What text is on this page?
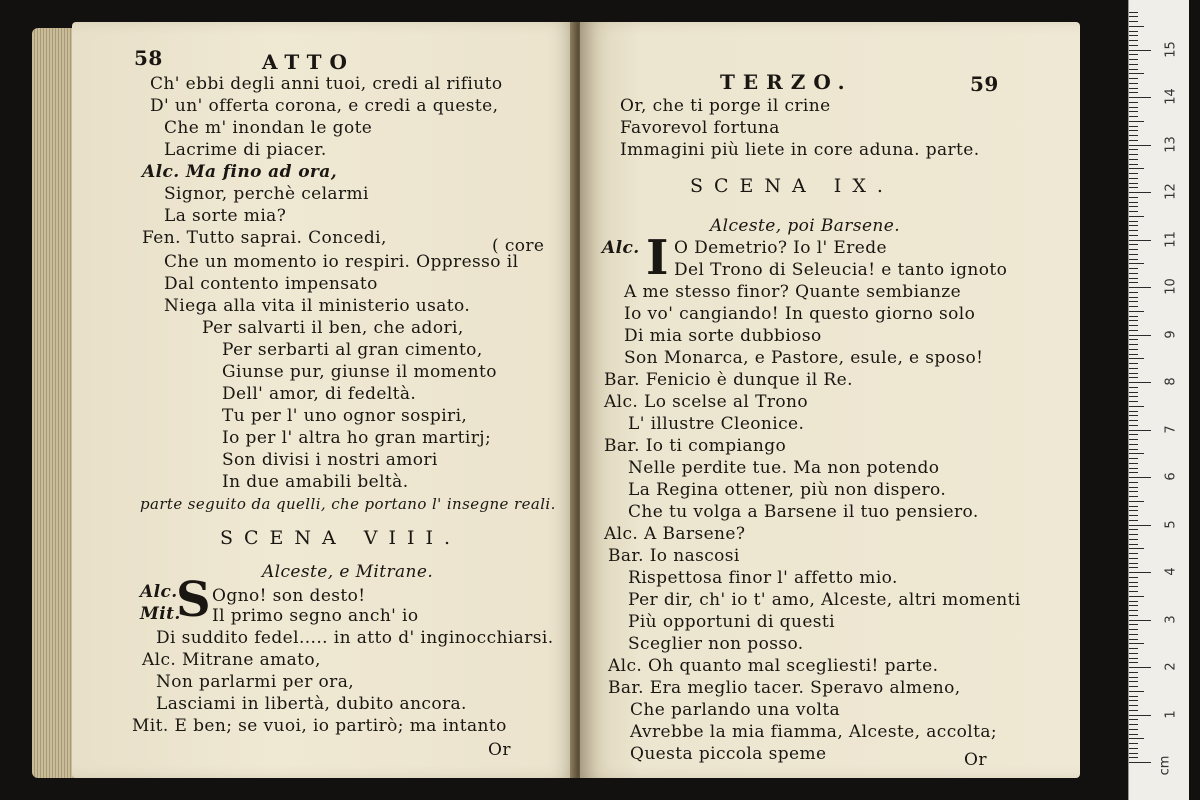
58	ATTO
Ch' ebbi degli anni tuoi, credi al rifiuto
D' un' offerta corona, e credi a queste,
Che m' inondan le gote
Lacrime di piacer.
Alc. Ma fino ad ora,
Signor, perchè celarmi
La sorte mia?
Fen. Tutto saprai. Concedi,	( core
Che un momento io respiri. Oppresso il
Dal contento impensato
Niega alla vita il ministerio usato.
Per salvarti il ben, che adori,
Per serbarti al gran cimento,
Giunse pur, giunse il momento
Dell' amor, di fedeltà.
Tu per l' uno ognor sospiri,
Io per l' altra ho gran martirj;
Son divisi i nostri amori
In due amabili beltà.
parte seguito da quelli, che portano l' insegne reali.
SCENA VIII.
Alceste, e Mitrane.
Alc.
S Ogno! son desto!
Mit. Il primo segno anch' io
Di suddito fedel..... in atto d' inginocchiarsi.
Alc. Mitrane amato,
Non parlarmi per ora,
Lasciami in libertà, dubito ancora.
Mit. E ben; se vuoi, io partirò; ma intanto
Or
TERZO.	59
Or, che ti porge il crine
Favorevol fortuna
Immagini più liete in core aduna. parte.
SCENA IX.
Alceste, poi Barsene.
Alc. I O Demetrio? Io l' Erede
Del Trono di Seleucia! e tanto ignoto
A me stesso finor? Quante sembianze
Io vo' cangiando! In questo giorno solo
Di mia sorte dubbioso
Son Monarca, e Pastore, esule, e sposo!
Bar. Fenicio è dunque il Re.
Alc. Lo scelse al Trono
L' illustre Cleonice.
Bar. Io ti compiango
Nelle perdite tue. Ma non potendo
La Regina ottener, più non dispero.
Che tu volga a Barsene il tuo pensiero.
Alc. A Barsene?
Bar. Io nascosi
Rispettosa finor l' affetto mio.
Per dir, ch' io t' amo, Alceste, altri momenti
Più opportuni di questi
Sceglier non posso.
Alc. Oh quanto mal scegliesti! parte.
Bar. Era meglio tacer. Speravo almeno,
Che parlando una volta
Avrebbe la mia fiamma, Alceste, accolta;
Questa piccola speme	Or	cm
1
2
3
4
5
6
7
8
9
10
11
12
13
14
15
